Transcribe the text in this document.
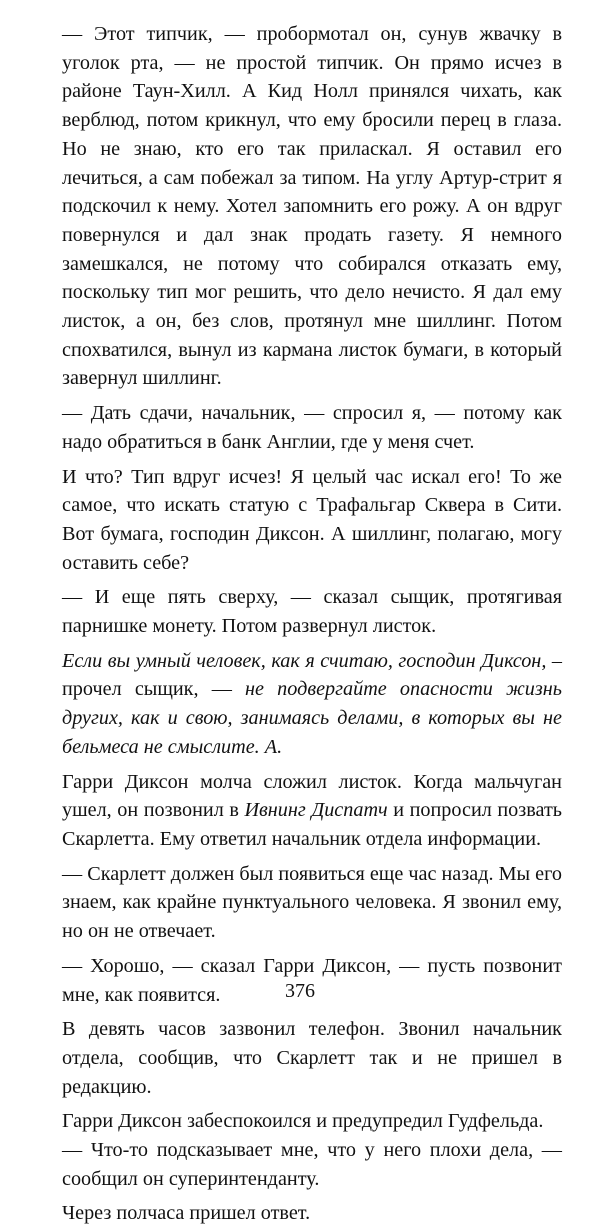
— Этот типчик, — пробормотал он, сунув жвачку в уголок рта, — не простой типчик. Он прямо исчез в районе Таун-Хилл. А Кид Нолл принялся чихать, как верблюд, потом крикнул, что ему бросили перец в глаза. Но не знаю, кто его так приласкал. Я оставил его лечиться, а сам побежал за типом. На углу Артур-стрит я подскочил к нему. Хотел запомнить его рожу. А он вдруг повернулся и дал знак продать газету. Я немного замешкался, не потому что собирался отказать ему, поскольку тип мог решить, что дело нечисто. Я дал ему листок, а он, без слов, протянул мне шиллинг. Потом спохватился, вынул из кармана листок бумаги, в который завернул шиллинг.

— Дать сдачи, начальник, — спросил я, — потому как надо обратиться в банк Англии, где у меня счет.

И что? Тип вдруг исчез! Я целый час искал его! То же самое, что искать статую с Трафальгар Сквера в Сити. Вот бумага, господин Диксон. А шиллинг, полагаю, могу оставить себе?

— И еще пять сверху, — сказал сыщик, протягивая парнишке монету. Потом развернул листок.

Если вы умный человек, как я считаю, господин Диксон, – прочел сыщик, — не подвергайте опасности жизнь других, как и свою, занимаясь делами, в которых вы не бельмеса не смыслите. А.

Гарри Диксон молча сложил листок. Когда мальчуган ушел, он позвонил в Ивнинг Диспатч и попросил позвать Скарлетта. Ему ответил начальник отдела информации.

— Скарлетт должен был появиться еще час назад. Мы его знаем, как крайне пунктуального человека. Я звонил ему, но он не отвечает.

— Хорошо, — сказал Гарри Диксон, — пусть позвонит мне, как появится.

В девять часов зазвонил телефон. Звонил начальник отдела, сообщив, что Скарлетт так и не пришел в редакцию.

Гарри Диксон забеспокоился и предупредил Гудфельда.

— Что-то подсказывает мне, что у него плохи дела, — сообщил он суперинтенданту.

Через полчаса пришел ответ.

376
